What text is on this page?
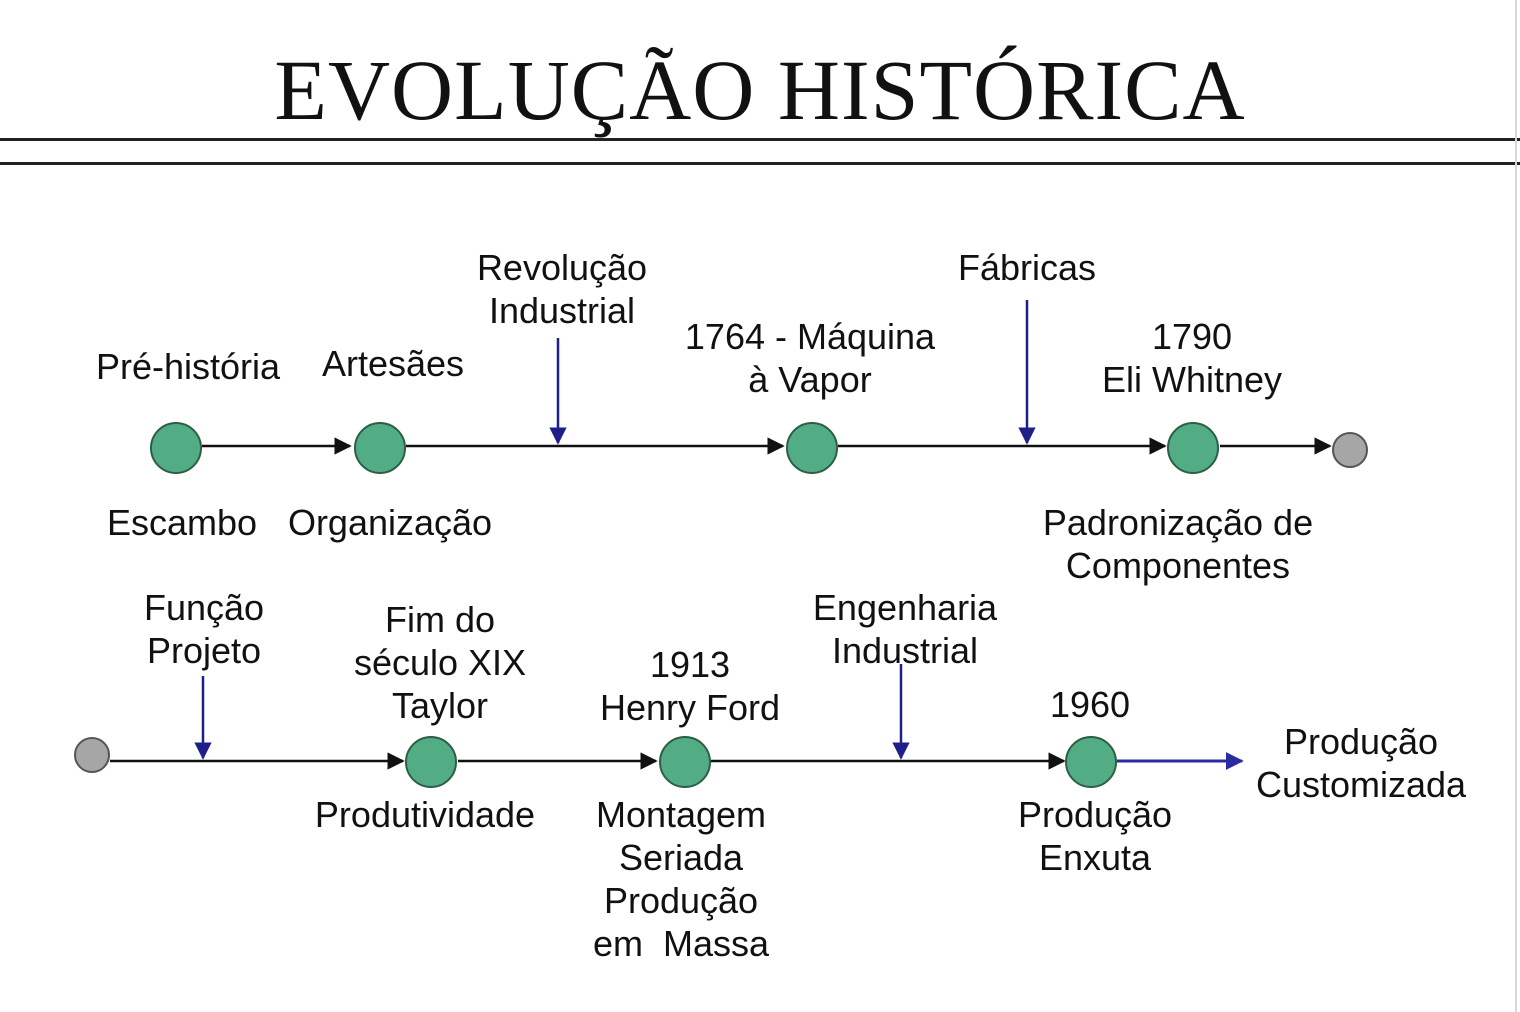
EVOLUÇÃO HISTÓRICA
Pré-história
Escambo
Artesães
Organização
Revolução
Industrial
1764 - Máquina
à Vapor
Fábricas
1790
Eli Whitney
Padronização de
Componentes
Função
Projeto
Fim do
século XIX
Taylor
Produtividade
1913
Henry Ford
Montagem
Seriada
Produção
em  Massa
Engenharia
Industrial
1960
Produção
Enxuta
Produção
Customizada
